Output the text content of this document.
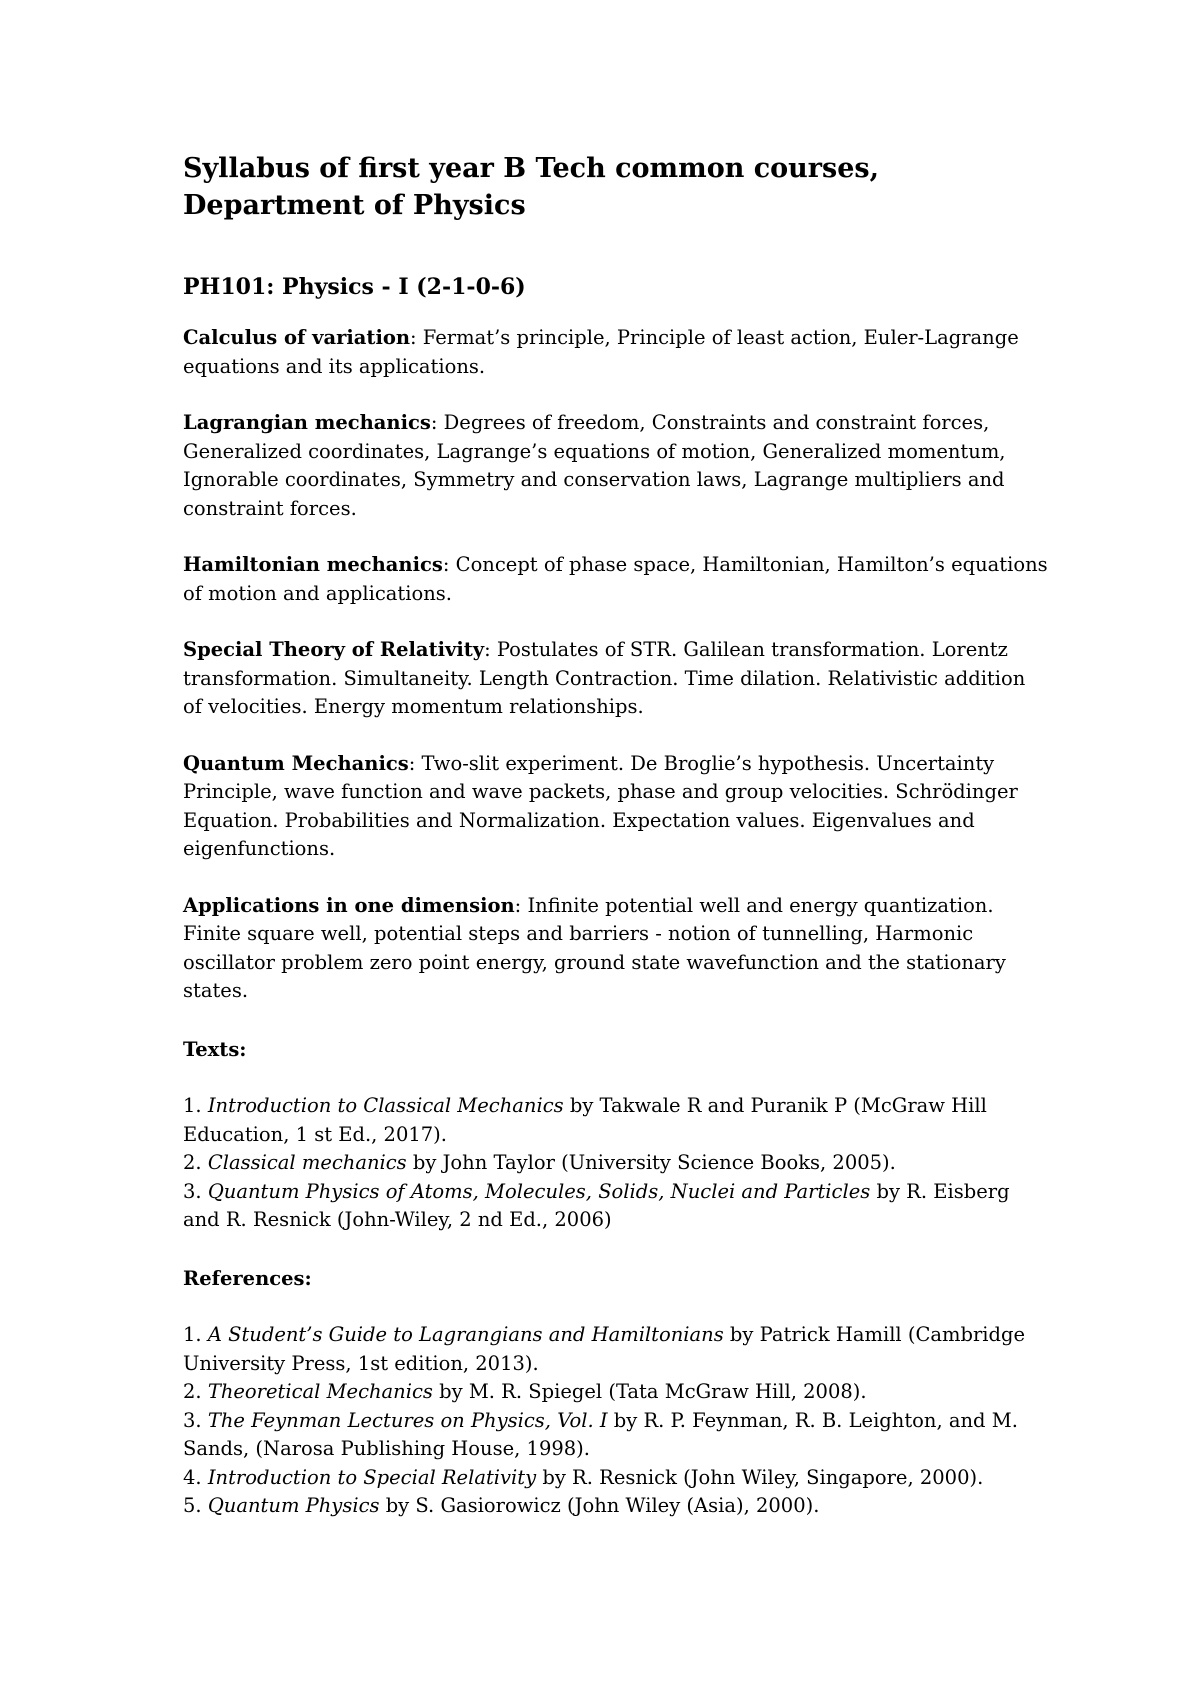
Syllabus of first year B Tech common courses,
Department of Physics
PH101: Physics - I (2-1-0-6)

Calculus of variation: Fermat’s principle, Principle of least action, Euler-Lagrange equations and its applications.

Lagrangian mechanics: Degrees of freedom, Constraints and constraint forces, Generalized coordinates, Lagrange’s equations of motion, Generalized momentum, Ignorable coordinates, Symmetry and conservation laws, Lagrange multipliers and constraint forces.

Hamiltonian mechanics: Concept of phase space, Hamiltonian, Hamilton’s equations of motion and applications.

Special Theory of Relativity: Postulates of STR. Galilean transformation. Lorentz transformation. Simultaneity. Length Contraction. Time dilation. Relativistic addition of velocities. Energy momentum relationships.

Quantum Mechanics: Two-slit experiment. De Broglie’s hypothesis. Uncertainty Principle, wave function and wave packets, phase and group velocities. Schrödinger Equation. Probabilities and Normalization. Expectation values. Eigenvalues and eigenfunctions.

Applications in one dimension: Infinite potential well and energy quantization. Finite square well, potential steps and barriers - notion of tunnelling, Harmonic oscillator problem zero point energy, ground state wavefunction and the stationary states.

Texts:
1. Introduction to Classical Mechanics by Takwale R and Puranik P (McGraw Hill Education, 1 st Ed., 2017).
2. Classical mechanics by John Taylor (University Science Books, 2005).
3. Quantum Physics of Atoms, Molecules, Solids, Nuclei and Particles by R. Eisberg and R. Resnick (John-Wiley, 2 nd Ed., 2006)
References:
1. A Student’s Guide to Lagrangians and Hamiltonians by Patrick Hamill (Cambridge University Press, 1st edition, 2013).
2. Theoretical Mechanics by M. R. Spiegel (Tata McGraw Hill, 2008).
3. The Feynman Lectures on Physics, Vol. I by R. P. Feynman, R. B. Leighton, and M. Sands, (Narosa Publishing House, 1998).
4. Introduction to Special Relativity by R. Resnick (John Wiley, Singapore, 2000).
5. Quantum Physics by S. Gasiorowicz (John Wiley (Asia), 2000).
